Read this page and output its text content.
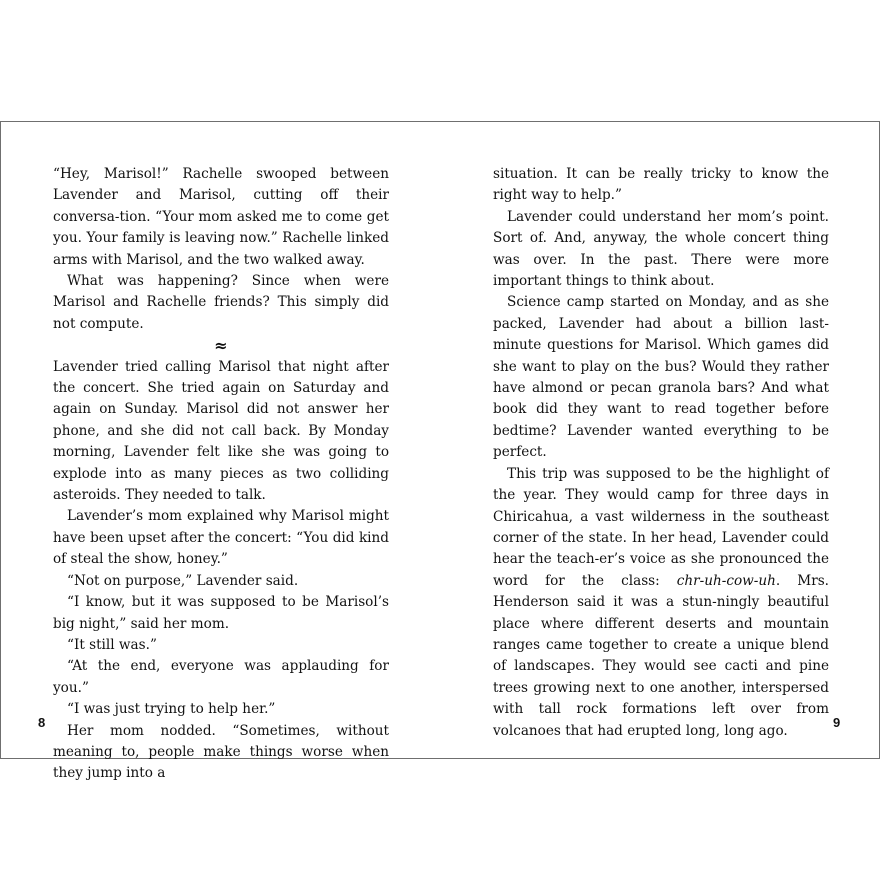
“Hey, Marisol!” Rachelle swooped between Lavender and Marisol, cutting off their conversa-tion. “Your mom asked me to come get you. Your family is leaving now.” Rachelle linked arms with Marisol, and the two walked away.

What was happening? Since when were Marisol and Rachelle friends? This simply did not compute.

≈

Lavender tried calling Marisol that night after the concert. She tried again on Saturday and again on Sunday. Marisol did not answer her phone, and she did not call back. By Monday morning, Lavender felt like she was going to explode into as many pieces as two colliding asteroids. They needed to talk.

Lavender’s mom explained why Marisol might have been upset after the concert: “You did kind of steal the show, honey.”

“Not on purpose,” Lavender said.

“I know, but it was supposed to be Marisol’s big night,” said her mom.

“It still was.”

“At the end, everyone was applauding for you.”

“I was just trying to help her.”

Her mom nodded. “Sometimes, without meaning to, people make things worse when they jump into a

situation. It can be really tricky to know the right way to help.”

Lavender could understand her mom’s point. Sort of. And, anyway, the whole concert thing was over. In the past. There were more important things to think about.

Science camp started on Monday, and as she packed, Lavender had about a billion last-minute questions for Marisol. Which games did she want to play on the bus? Would they rather have almond or pecan granola bars? And what book did they want to read together before bedtime? Lavender wanted everything to be perfect.

This trip was supposed to be the highlight of the year. They would camp for three days in Chiricahua, a vast wilderness in the southeast corner of the state. In her head, Lavender could hear the teach-er’s voice as she pronounced the word for the class: chr-uh-cow-uh. Mrs. Henderson said it was a stun-ningly beautiful place where different deserts and mountain ranges came together to create a unique blend of landscapes. They would see cacti and pine trees growing next to one another, interspersed with tall rock formations left over from volcanoes that had erupted long, long ago.

8	9
